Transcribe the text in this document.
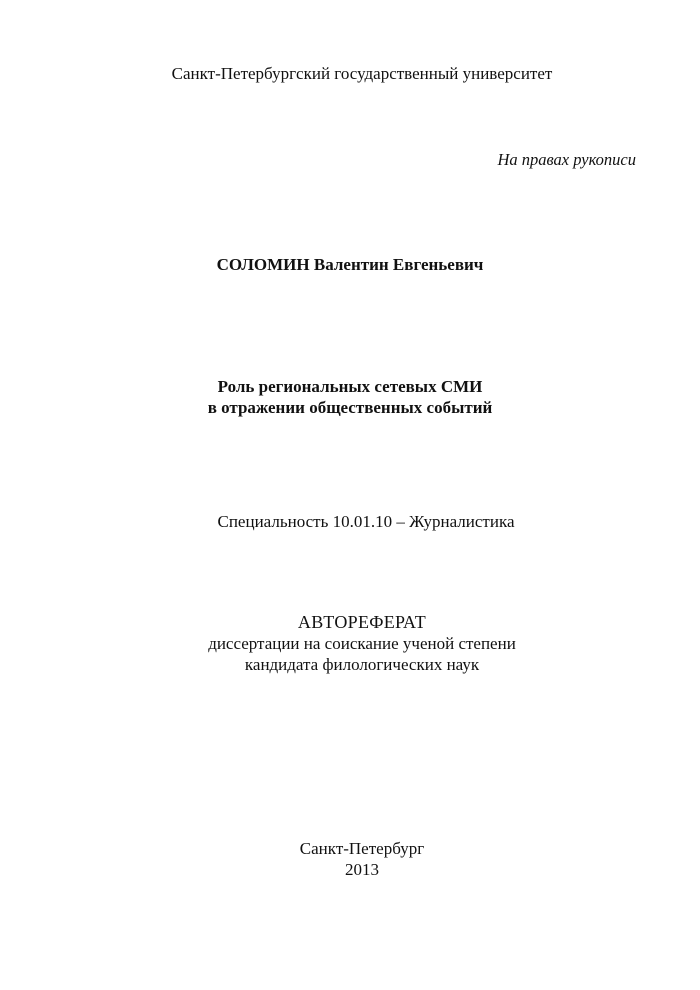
Санкт-Петербургский государственный университет
На правах рукописи
СОЛОМИН Валентин Евгеньевич
Роль региональных сетевых СМИ
в отражении общественных событий
Специальность 10.01.10 – Журналистика
АВТОРЕФЕРАТ
диссертации на соискание ученой степени
кандидата филологических наук
Санкт-Петербург
2013
